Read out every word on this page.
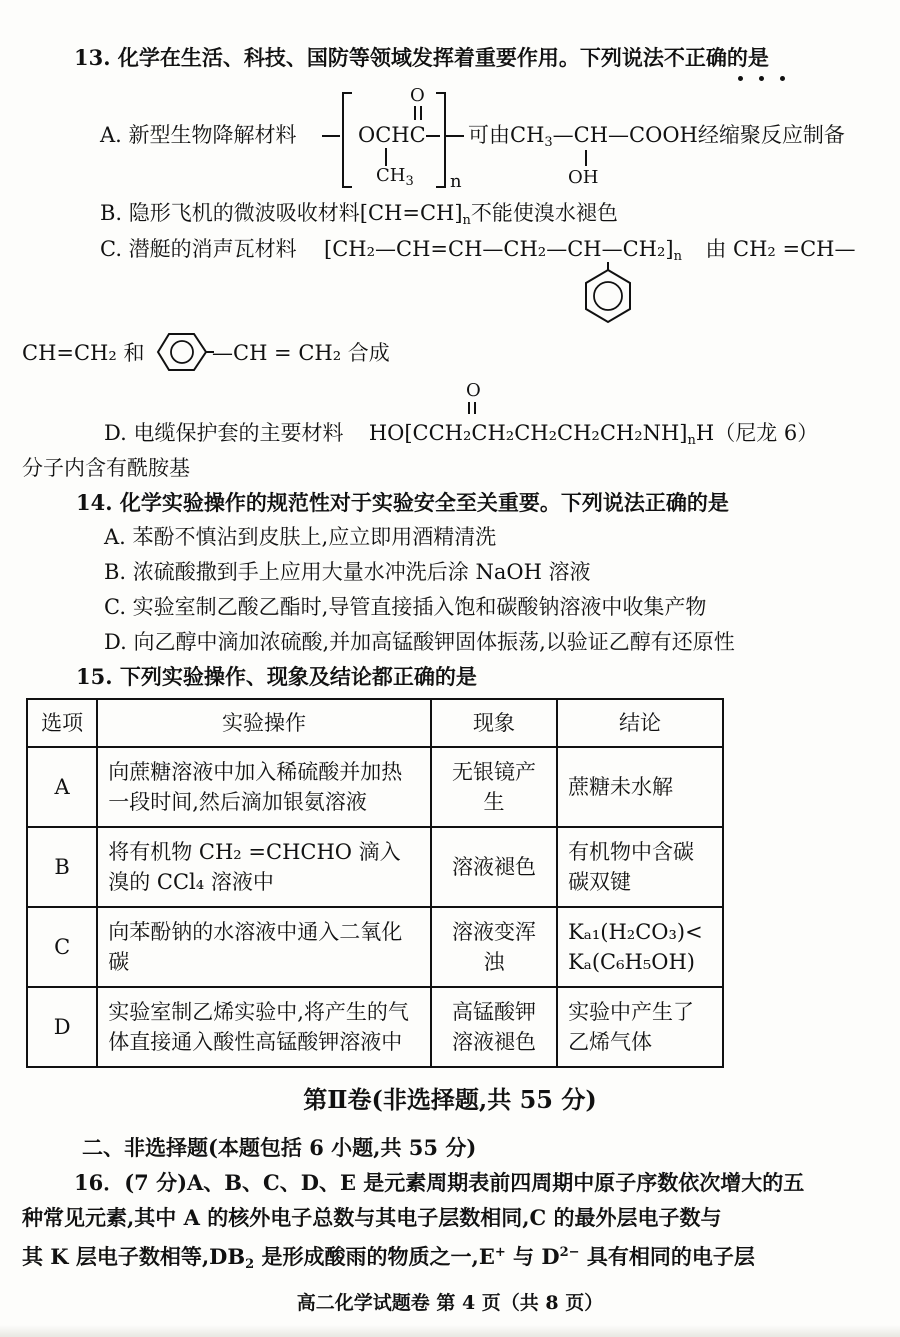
13. 化学在生活、科技、国防等领域发挥着重要作用。下列说法不正确的是
A. 新型生物降解材料
O
OCHC
$CH_3$ n
可由$CH_3—CH—COOH$经缩聚反应制备
OH
B. 隐形飞机的微波吸收材料$[CH=CH]_n$不能使溴水褪色
C. 潜艇的消声瓦材料 $[CH_2—CH=CH—CH_2—CH—CH_2]_n$ 由 CH₂ =CH—
CH=CH₂ 和	—CH = CH₂ 合成
O
D. 电缆保护套的主要材料 $HO[CCH_2CH_2CH_2CH_2CH_2NH]_nH$（尼龙 6）
分子内含有酰胺基
14. 化学实验操作的规范性对于实验安全至关重要。下列说法正确的是
A. 苯酚不慎沾到皮肤上,应立即用酒精清洗
B. 浓硫酸撒到手上应用大量水冲洗后涂 NaOH 溶液
C. 实验室制乙酸乙酯时,导管直接插入饱和碳酸钠溶液中收集产物
D. 向乙醇中滴加浓硫酸,并加高锰酸钾固体振荡,以验证乙醇有还原性
15. 下列实验操作、现象及结论都正确的是
选项	实验操作	现象	结论
A	向蔗糖溶液中加入稀硫酸并加热一段时间,然后滴加银氨溶液	无银镜产生	蔗糖未水解
B	将有机物 CH₂ =CHCHO 滴入溴的 CCl₄ 溶液中	溶液褪色	有机物中含碳碳双键
C	向苯酚钠的水溶液中通入二氧化碳	溶液变浑浊	Kₐ₁(H₂CO₃)< Kₐ(C₆H₅OH)
D	实验室制乙烯实验中,将产生的气体直接通入酸性高锰酸钾溶液中	高锰酸钾溶液褪色	实验中产生了乙烯气体
第Ⅱ卷(非选择题,共 55 分)
二、非选择题(本题包括 6 小题,共 55 分)
16．(7 分)A、B、C、D、E 是元素周期表前四周期中原子序数依次增大的五
种常见元素,其中 A 的核外电子总数与其电子层数相同,C 的最外层电子数与
其 K 层电子数相等$,DB_2$ 是形成酸雨的物质之一,E+ 与 $D^{2-}$ 具有相同的电子层
高二化学试题卷 第 4 页（共 8 页）
